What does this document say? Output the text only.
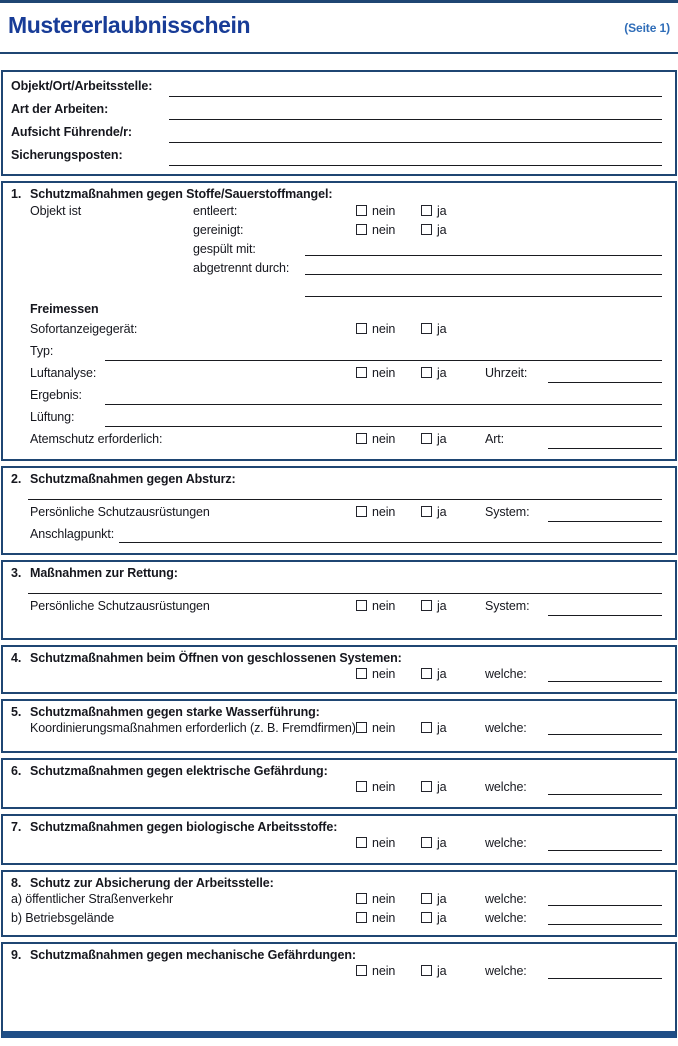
Mustererlaubnisschein	(Seite 1)
Objekt/Ort/Arbeitsstelle:
Art der Arbeiten:
Aufsicht Führende/r:
Sicherungsposten:
1. Schutzmaßnahmen gegen Stoffe/Sauerstoffmangel:
Objekt ist	entleert:	nein	ja
gereinigt:	nein	ja
gespült mit:
abgetrennt durch:
Freimessen
Sofortanzeigegerät:	nein	ja
Typ:
Luftanalyse:	nein	ja	Uhrzeit:
Ergebnis:
Lüftung:
Atemschutz erforderlich:	nein	ja	Art:
2. Schutzmaßnahmen gegen Absturz:
Persönliche Schutzausrüstungen	nein	ja	System:
Anschlagpunkt:
3. Maßnahmen zur Rettung:
Persönliche Schutzausrüstungen	nein	ja	System:
4. Schutzmaßnahmen beim Öffnen von geschlossenen Systemen:
nein	ja	welche:
5. Schutzmaßnahmen gegen starke Wasserführung:
Koordinierungsmaßnahmen erforderlich (z. B. Fremdfirmen)	nein	ja	welche:
6. Schutzmaßnahmen gegen elektrische Gefährdung:
nein	ja	welche:
7. Schutzmaßnahmen gegen biologische Arbeitsstoffe:
nein	ja	welche:
8. Schutz zur Absicherung der Arbeitsstelle:
a) öffentlicher Straßenverkehr	nein	ja	welche:
b) Betriebsgelände	nein	ja	welche:
9. Schutzmaßnahmen gegen mechanische Gefährdungen:
nein	ja	welche:
